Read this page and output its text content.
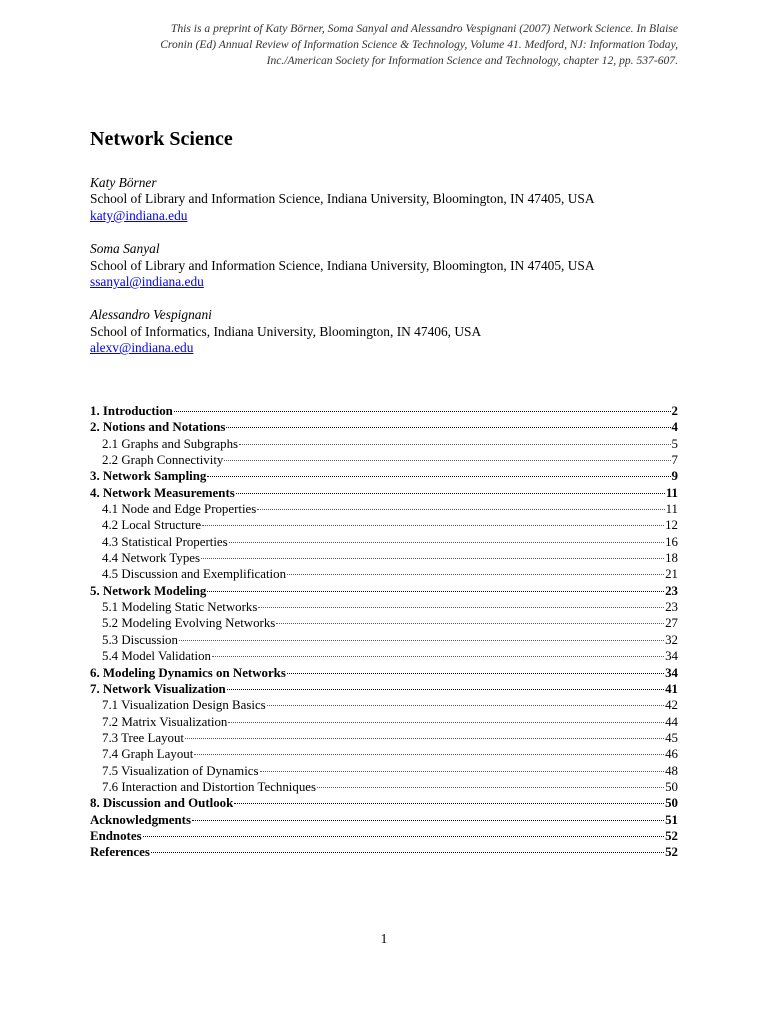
This is a preprint of Katy Börner, Soma Sanyal and Alessandro Vespignani (2007) Network Science. In Blaise
Cronin (Ed) Annual Review of Information Science & Technology, Volume 41. Medford, NJ: Information Today,
Inc./American Society for Information Science and Technology, chapter 12, pp. 537-607.
Network Science
Katy Börner
School of Library and Information Science, Indiana University, Bloomington, IN 47405, USA
katy@indiana.edu
Soma Sanyal
School of Library and Information Science, Indiana University, Bloomington, IN 47405, USA
ssanyal@indiana.edu
Alessandro Vespignani
School of Informatics, Indiana University, Bloomington, IN 47406, USA
alexv@indiana.edu
1. Introduction	2
2. Notions and Notations	4
2.1 Graphs and Subgraphs	5
2.2 Graph Connectivity	7
3. Network Sampling	9
4. Network Measurements	11
4.1 Node and Edge Properties	11
4.2 Local Structure	12
4.3 Statistical Properties	16
4.4 Network Types	18
4.5 Discussion and Exemplification	21
5. Network Modeling	23
5.1 Modeling Static Networks	23
5.2 Modeling Evolving Networks	27
5.3 Discussion	32
5.4 Model Validation	34
6. Modeling Dynamics on Networks	34
7. Network Visualization	41
7.1 Visualization Design Basics	42
7.2 Matrix Visualization	44
7.3 Tree Layout	45
7.4 Graph Layout	46
7.5 Visualization of Dynamics	48
7.6 Interaction and Distortion Techniques	50
8. Discussion and Outlook	50
Acknowledgments	51
Endnotes	52
References	52
1
